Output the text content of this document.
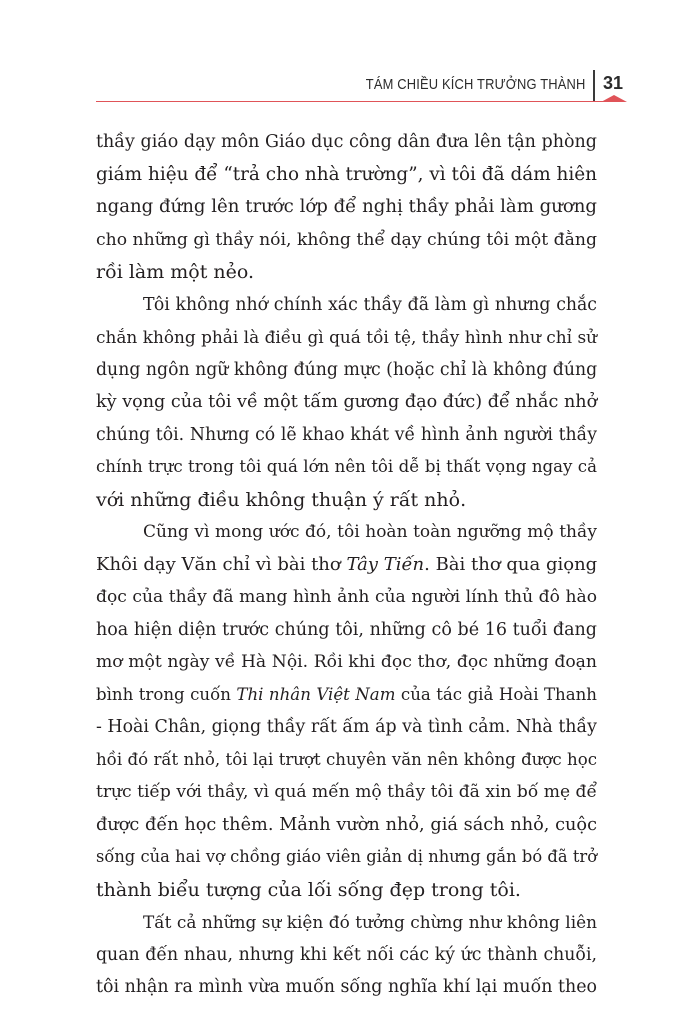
TÁM CHIỀU KÍCH TRƯỞNG THÀNH 31

thầy giáo dạy môn Giáo dục công dân đưa lên tận phòng
giám hiệu để “trả cho nhà trường”, vì tôi đã dám hiên
ngang đứng lên trước lớp để nghị thầy phải làm gương
cho những gì thầy nói, không thể dạy chúng tôi một đằng
rồi làm một nẻo.

Tôi không nhớ chính xác thầy đã làm gì nhưng chắc
chắn không phải là điều gì quá tồi tệ, thầy hình như chỉ sử
dụng ngôn ngữ không đúng mực (hoặc chỉ là không đúng
kỳ vọng của tôi về một tấm gương đạo đức) để nhắc nhở
chúng tôi. Nhưng có lẽ khao khát về hình ảnh người thầy
chính trực trong tôi quá lớn nên tôi dễ bị thất vọng ngay cả
với những điều không thuận ý rất nhỏ.

Cũng vì mong ước đó, tôi hoàn toàn ngưỡng mộ thầy
Khôi dạy Văn chỉ vì bài thơ Tây Tiến. Bài thơ qua giọng
đọc của thầy đã mang hình ảnh của người lính thủ đô hào
hoa hiện diện trước chúng tôi, những cô bé 16 tuổi đang
mơ một ngày về Hà Nội. Rồi khi đọc thơ, đọc những đoạn
bình trong cuốn Thi nhân Việt Nam của tác giả Hoài Thanh
- Hoài Chân, giọng thầy rất ấm áp và tình cảm. Nhà thầy
hồi đó rất nhỏ, tôi lại trượt chuyên văn nên không được học
trực tiếp với thầy, vì quá mến mộ thầy tôi đã xin bố mẹ để
được đến học thêm. Mảnh vườn nhỏ, giá sách nhỏ, cuộc
sống của hai vợ chồng giáo viên giản dị nhưng gắn bó đã trở
thành biểu tượng của lối sống đẹp trong tôi.

Tất cả những sự kiện đó tưởng chừng như không liên
quan đến nhau, nhưng khi kết nối các ký ức thành chuỗi,
tôi nhận ra mình vừa muốn sống nghĩa khí lại muốn theo
